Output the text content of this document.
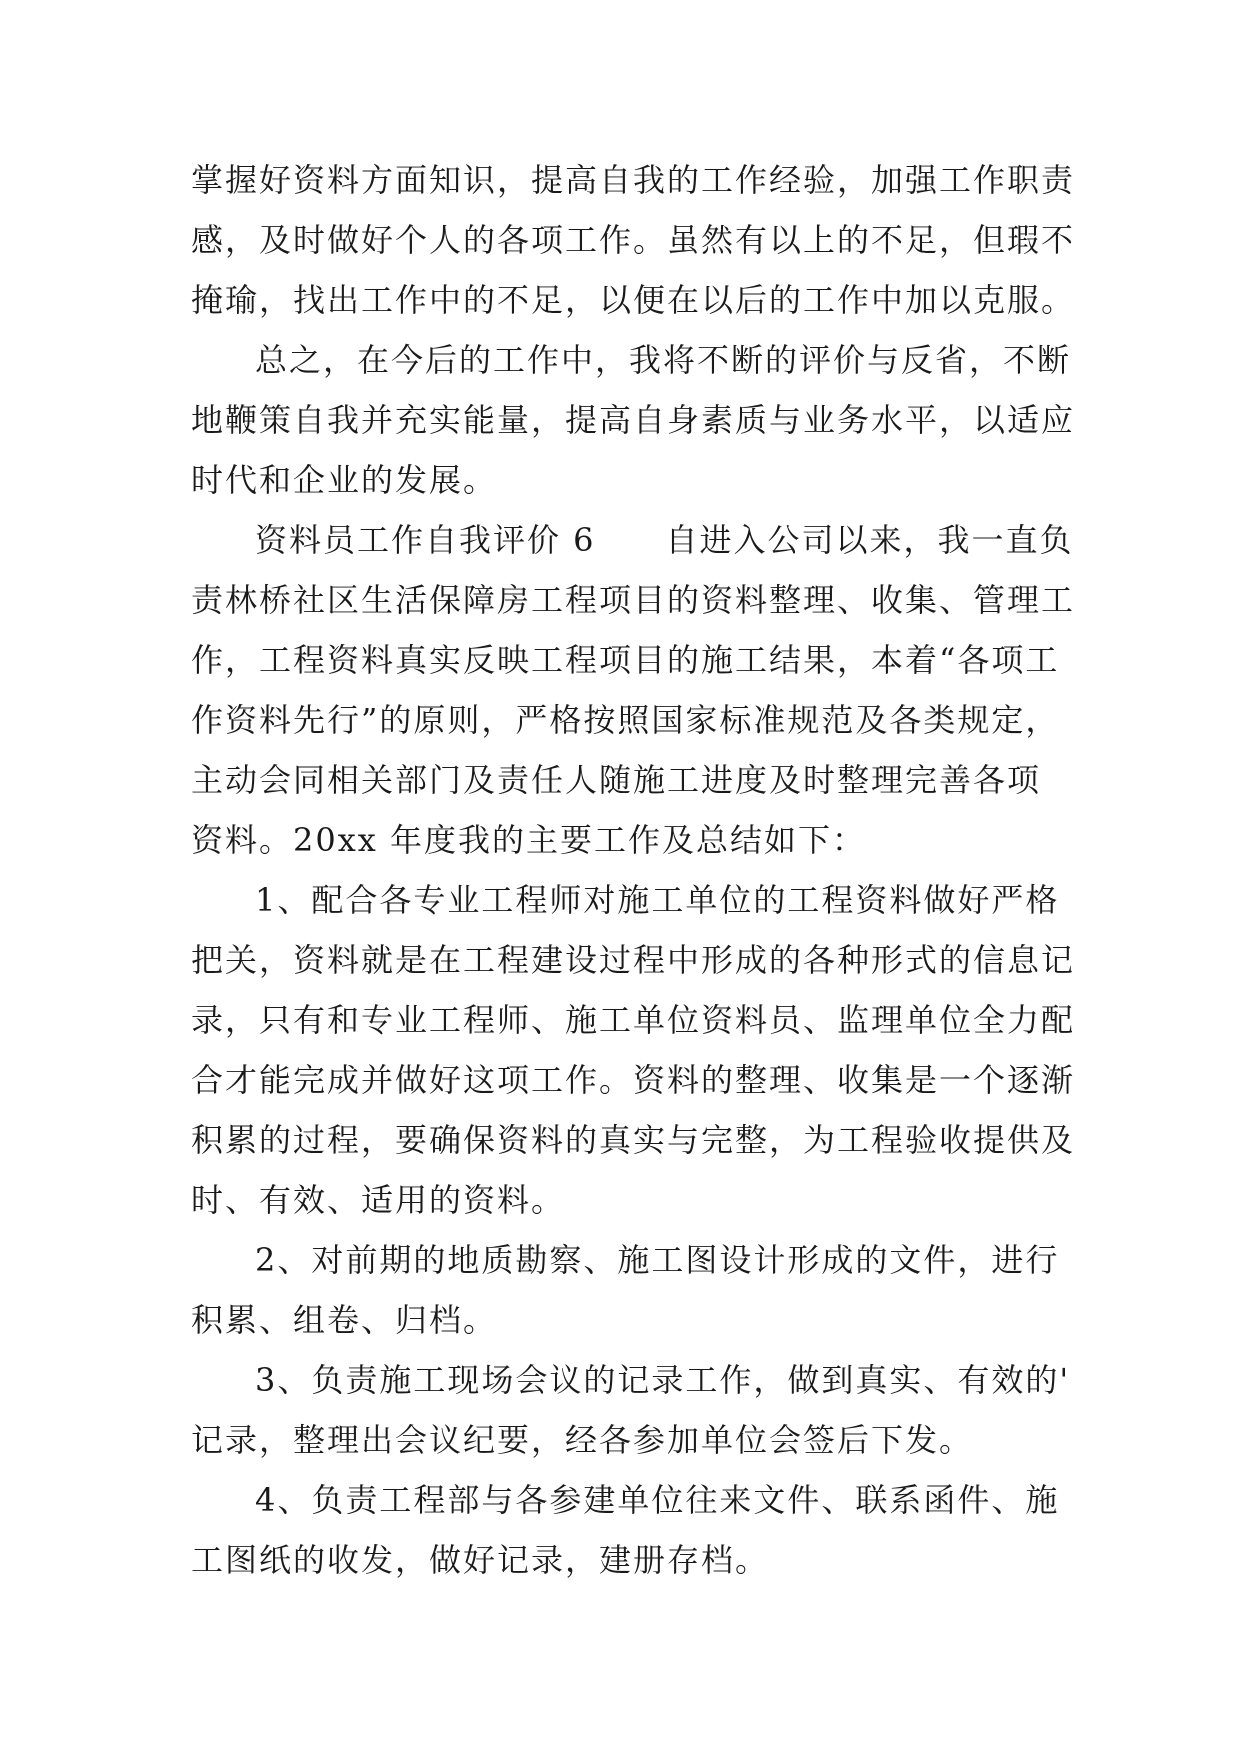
掌握好资料方面知识，提高自我的工作经验，加强工作职责
感，及时做好个人的各项工作。虽然有以上的不足，但瑕不
掩瑜，找出工作中的不足，以便在以后的工作中加以克服。
总之，在今后的工作中，我将不断的评价与反省，不断
地鞭策自我并充实能量，提高自身素质与业务水平，以适应
时代和企业的发展。
资料员工作自我评价 6 自进入公司以来，我一直负
责林桥社区生活保障房工程项目的资料整理、收集、管理工
作，工程资料真实反映工程项目的施工结果，本着“各项工
作资料先行”的原则，严格按照国家标准规范及各类规定，
主动会同相关部门及责任人随施工进度及时整理完善各项
资料。20xx 年度我的主要工作及总结如下：
1、配合各专业工程师对施工单位的工程资料做好严格
把关，资料就是在工程建设过程中形成的各种形式的信息记
录，只有和专业工程师、施工单位资料员、监理单位全力配
合才能完成并做好这项工作。资料的整理、收集是一个逐渐
积累的过程，要确保资料的真实与完整，为工程验收提供及
时、有效、适用的资料。
2、对前期的地质勘察、施工图设计形成的文件，进行
积累、组卷、归档。
3、负责施工现场会议的记录工作，做到真实、有效的'
记录，整理出会议纪要，经各参加单位会签后下发。
4、负责工程部与各参建单位往来文件、联系函件、施
工图纸的收发，做好记录，建册存档。
